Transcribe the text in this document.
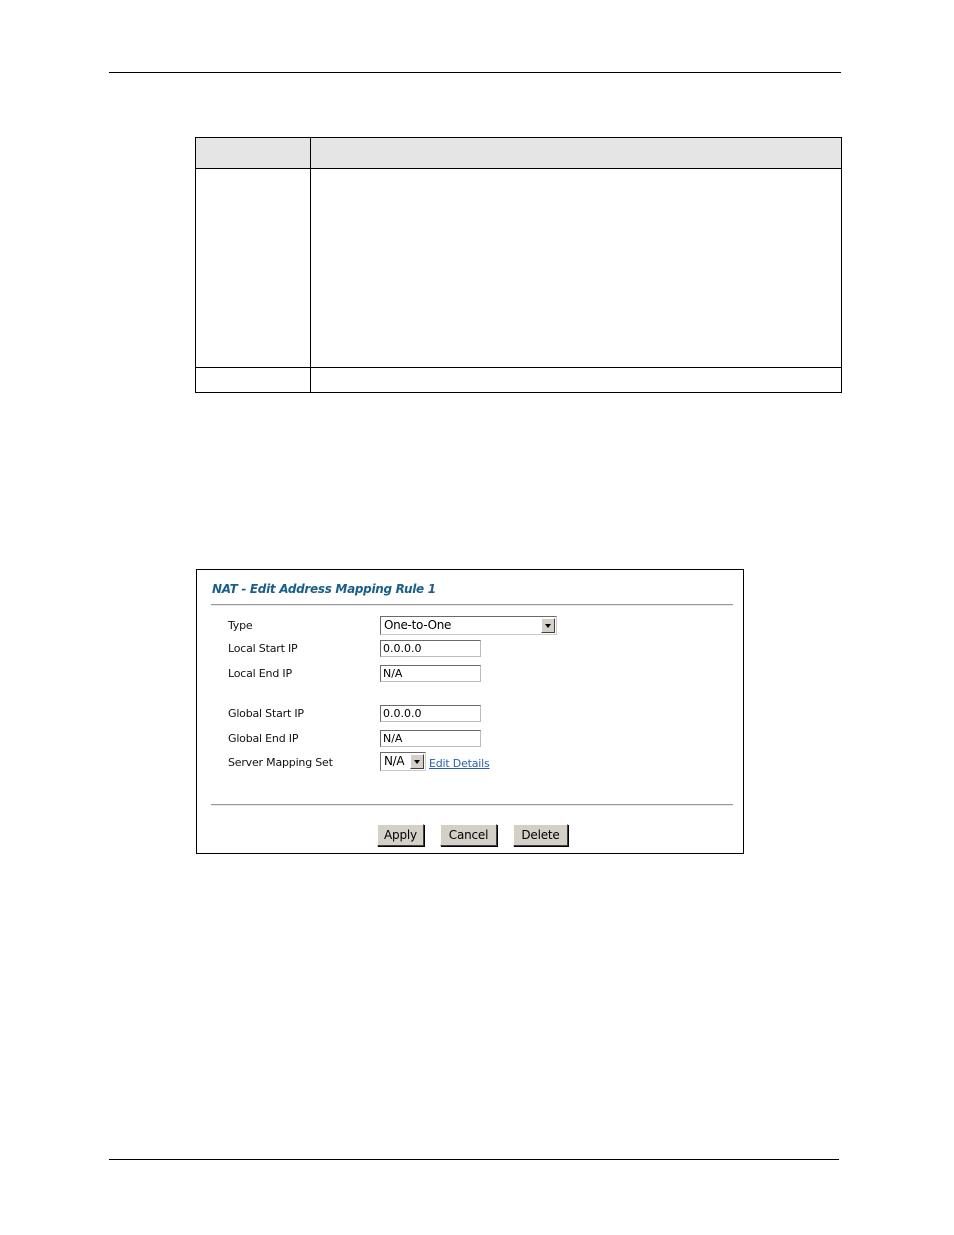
NAT - Edit Address Mapping Rule 1
Type	One-to-One
Local Start IP	0.0.0.0
Local End IP	N/A
Global Start IP	0.0.0.0
Global End IP	N/A
Server Mapping Set	N/A Edit Details
Apply	Cancel	Delete
